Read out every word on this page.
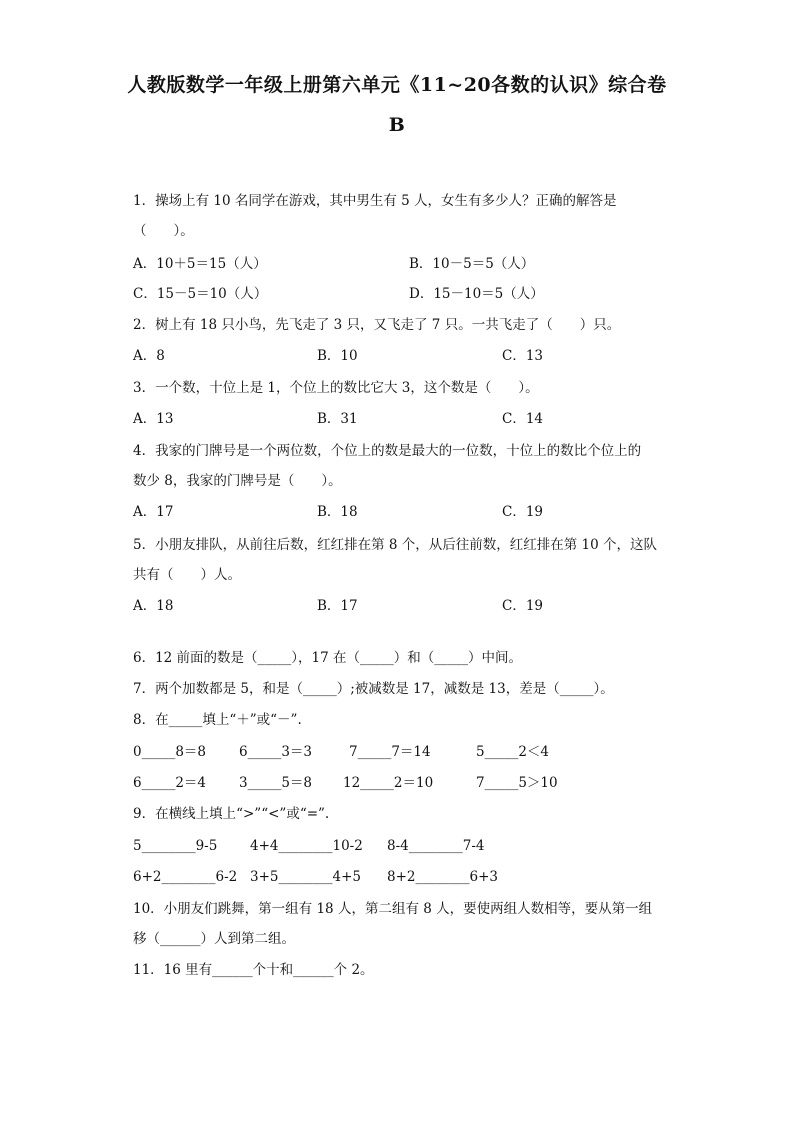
人教版数学一年级上册第六单元《11~20各数的认识》综合卷
B
1．操场上有 10 名同学在游戏，其中男生有 5 人，女生有多少人？正确的解答是
（　　）。
A．10＋5＝15（人）	B．10－5＝5（人）
C．15－5＝10（人）	D．15－10＝5（人）
2．树上有 18 只小鸟，先飞走了 3 只，又飞走了 7 只。一共飞走了（　　）只。
A．8	B．10	C．13
3．一个数，十位上是 1，个位上的数比它大 3，这个数是（　　）。
A．13	B．31	C．14
4．我家的门牌号是一个两位数，个位上的数是最大的一位数，十位上的数比个位上的
数少 8，我家的门牌号是（　　）。
A．17	B．18	C．19
5．小朋友排队，从前往后数，红红排在第 8 个，从后往前数，红红排在第 10 个，这队
共有（　　）人。
A．18	B．17	C．19
6．12 前面的数是（_____），17 在（_____）和（_____）中间。
7．两个加数都是 5，和是（_____）;被减数是 17，减数是 13，差是（_____）。
8．在_____填上“＋”或“－”.
0_____8＝8 6_____3＝3	7_____7＝14	5_____2＜4
6_____2＝4 3_____5＝8 12_____2＝10	7_____5＞10
9．在横线上填上“>”“<”或“=”.
5________9-5 4+4________10-2 8-4________7-4
6+2________6-2 3+5________4+5 8+2________6+3
10．小朋友们跳舞，第一组有 18 人，第二组有 8 人，要使两组人数相等，要从第一组
移（______）人到第二组。
11．16 里有______个十和______个 2。
